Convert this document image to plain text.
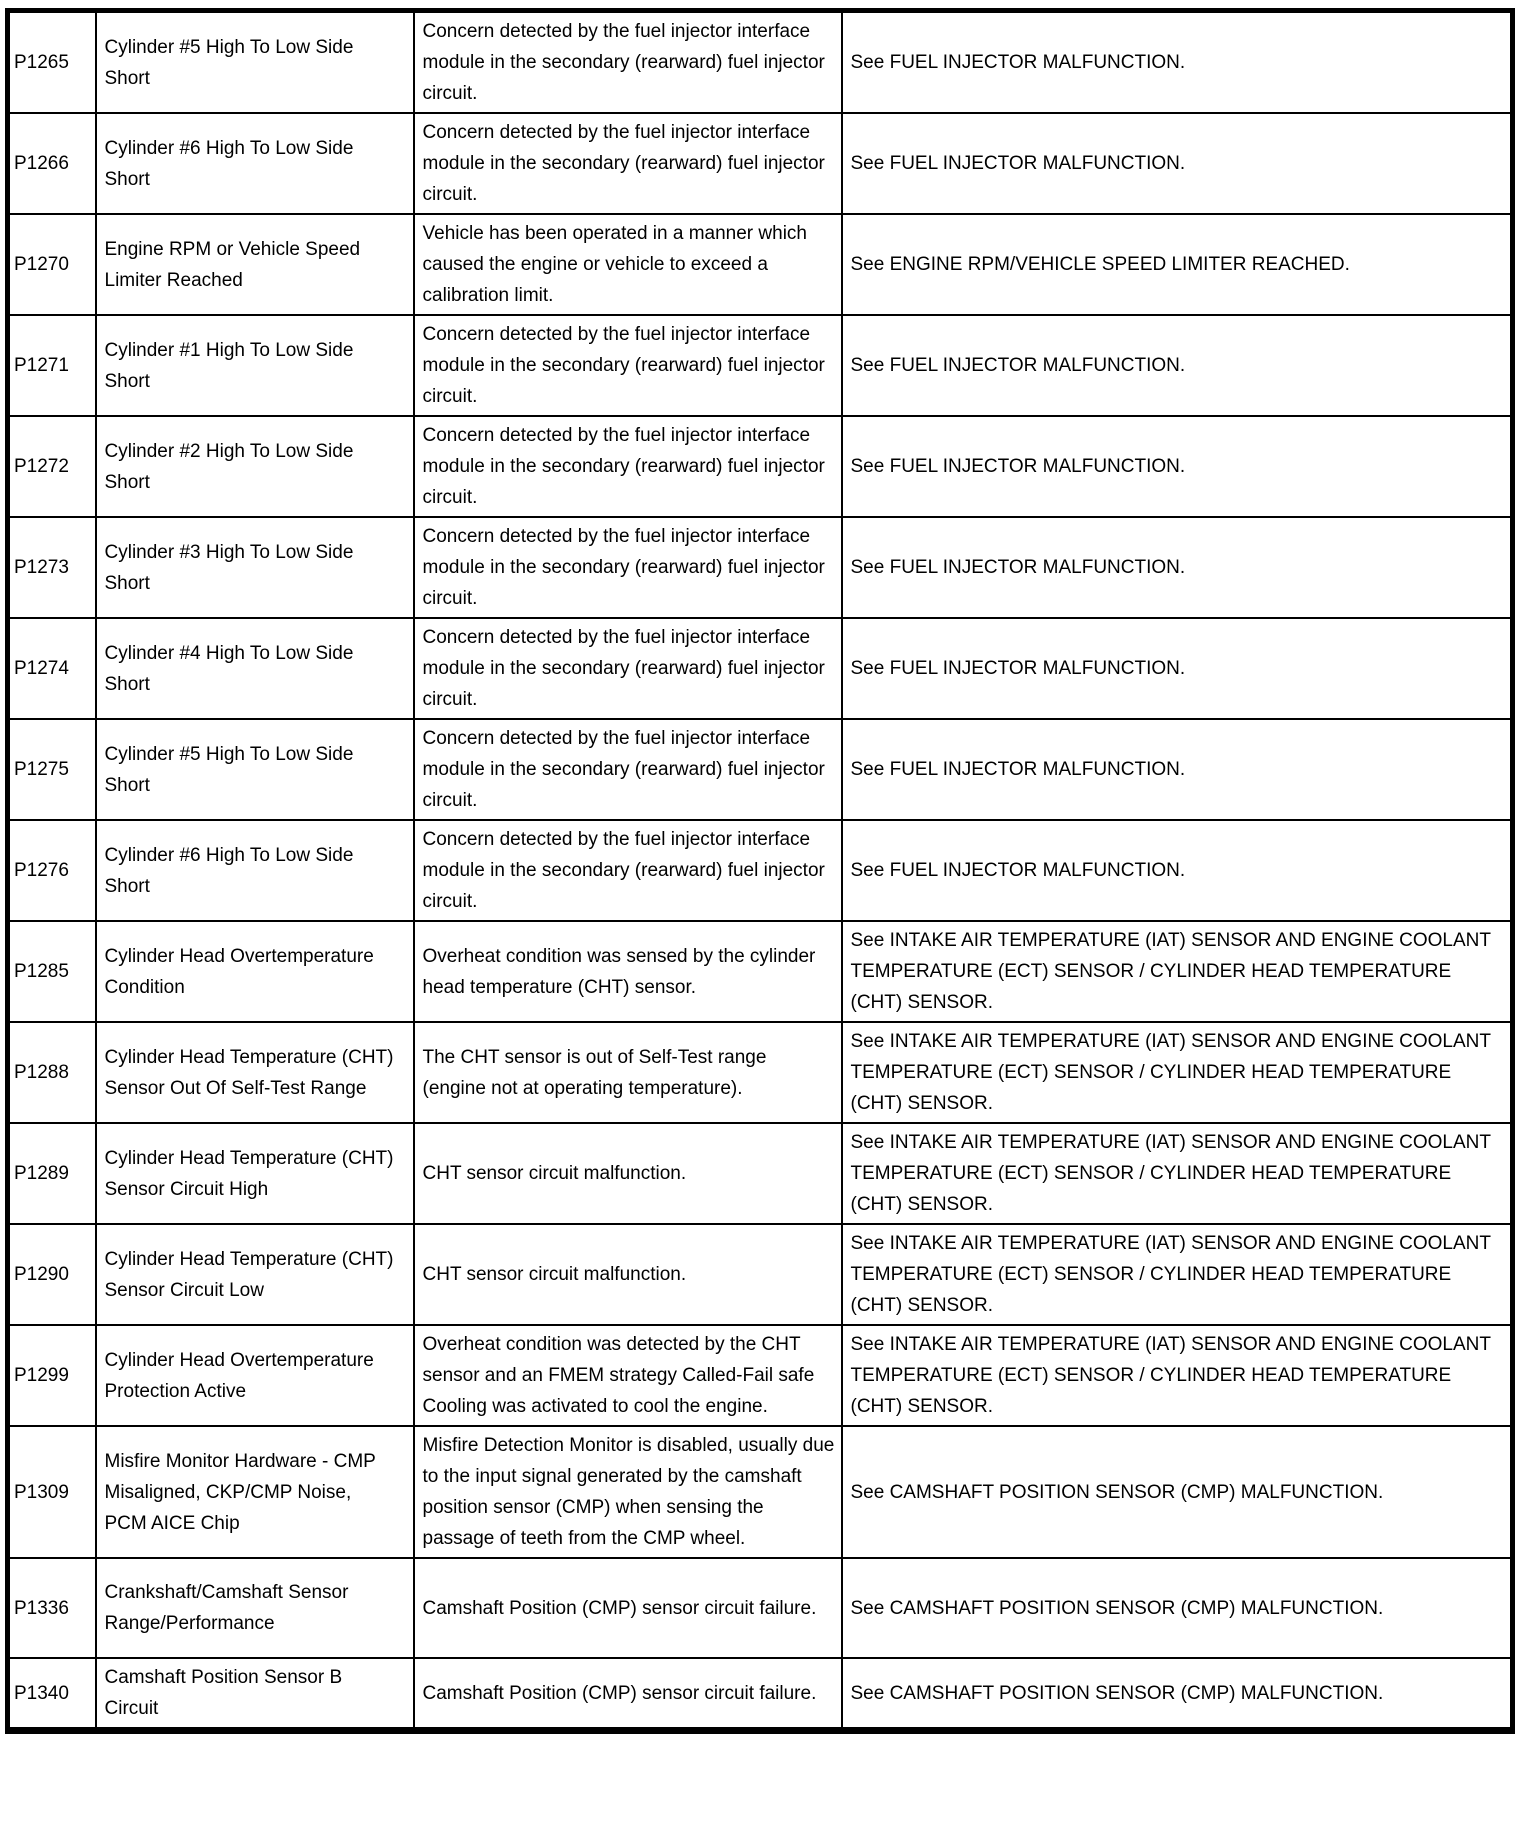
P1265	Cylinder #5 High To Low Side Short	Concern detected by the fuel injector interface module in the secondary (rearward) fuel injector circuit.	See FUEL INJECTOR MALFUNCTION.
P1266	Cylinder #6 High To Low Side Short	Concern detected by the fuel injector interface module in the secondary (rearward) fuel injector circuit.	See FUEL INJECTOR MALFUNCTION.
P1270	Engine RPM or Vehicle Speed Limiter Reached	Vehicle has been operated in a manner which caused the engine or vehicle to exceed a calibration limit.	See ENGINE RPM/VEHICLE SPEED LIMITER REACHED.
P1271	Cylinder #1 High To Low Side Short	Concern detected by the fuel injector interface module in the secondary (rearward) fuel injector circuit.	See FUEL INJECTOR MALFUNCTION.
P1272	Cylinder #2 High To Low Side Short	Concern detected by the fuel injector interface module in the secondary (rearward) fuel injector circuit.	See FUEL INJECTOR MALFUNCTION.
P1273	Cylinder #3 High To Low Side Short	Concern detected by the fuel injector interface module in the secondary (rearward) fuel injector circuit.	See FUEL INJECTOR MALFUNCTION.
P1274	Cylinder #4 High To Low Side Short	Concern detected by the fuel injector interface module in the secondary (rearward) fuel injector circuit.	See FUEL INJECTOR MALFUNCTION.
P1275	Cylinder #5 High To Low Side Short	Concern detected by the fuel injector interface module in the secondary (rearward) fuel injector circuit.	See FUEL INJECTOR MALFUNCTION.
P1276	Cylinder #6 High To Low Side Short	Concern detected by the fuel injector interface module in the secondary (rearward) fuel injector circuit.	See FUEL INJECTOR MALFUNCTION.
P1285	Cylinder Head Overtemperature Condition	Overheat condition was sensed by the cylinder head temperature (CHT) sensor.	See INTAKE AIR TEMPERATURE (IAT) SENSOR AND ENGINE COOLANT TEMPERATURE (ECT) SENSOR / CYLINDER HEAD TEMPERATURE (CHT) SENSOR.
P1288	Cylinder Head Temperature (CHT) Sensor Out Of Self-Test Range	The CHT sensor is out of Self-Test range (engine not at operating temperature).	See INTAKE AIR TEMPERATURE (IAT) SENSOR AND ENGINE COOLANT TEMPERATURE (ECT) SENSOR / CYLINDER HEAD TEMPERATURE (CHT) SENSOR.
P1289	Cylinder Head Temperature (CHT) Sensor Circuit High	CHT sensor circuit malfunction.	See INTAKE AIR TEMPERATURE (IAT) SENSOR AND ENGINE COOLANT TEMPERATURE (ECT) SENSOR / CYLINDER HEAD TEMPERATURE (CHT) SENSOR.
P1290	Cylinder Head Temperature (CHT) Sensor Circuit Low	CHT sensor circuit malfunction.	See INTAKE AIR TEMPERATURE (IAT) SENSOR AND ENGINE COOLANT TEMPERATURE (ECT) SENSOR / CYLINDER HEAD TEMPERATURE (CHT) SENSOR.
P1299	Cylinder Head Overtemperature Protection Active	Overheat condition was detected by the CHT sensor and an FMEM strategy Called-Fail safe Cooling was activated to cool the engine.	See INTAKE AIR TEMPERATURE (IAT) SENSOR AND ENGINE COOLANT TEMPERATURE (ECT) SENSOR / CYLINDER HEAD TEMPERATURE (CHT) SENSOR.
P1309	Misfire Monitor Hardware - CMP Misaligned, CKP/CMP Noise, PCM AICE Chip	Misfire Detection Monitor is disabled, usually due to the input signal generated by the camshaft position sensor (CMP) when sensing the passage of teeth from the CMP wheel.	See CAMSHAFT POSITION SENSOR (CMP) MALFUNCTION.
P1336	Crankshaft/Camshaft Sensor Range/Performance	Camshaft Position (CMP) sensor circuit failure.	See CAMSHAFT POSITION SENSOR (CMP) MALFUNCTION.
P1340	Camshaft Position Sensor B Circuit	Camshaft Position (CMP) sensor circuit failure.	See CAMSHAFT POSITION SENSOR (CMP) MALFUNCTION.
